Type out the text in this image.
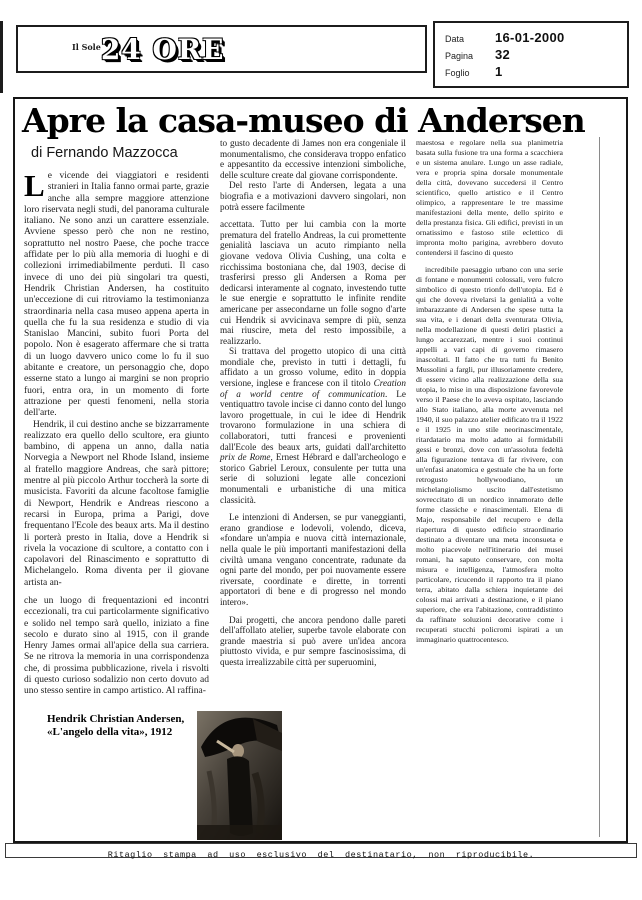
$^{Il Sole}$24 ORE	Data	16-01-2000
Pagina	32
Foglio	1
Apre la casa-museo di Andersen
di Fernando Mazzocca

Le vicende dei viaggiatori e residenti stranieri in Italia fanno ormai parte, grazie anche alla sempre maggiore attenzione loro riservata negli studi, del panorama culturale italiano. Ne sono anzi un carattere essenziale. Avviene spesso però che non ne restino, soprattutto nel nostro Paese, che poche tracce affidate per lo più alla memoria di luoghi e di collezioni irrimediabilmente perduti. Il caso invece di uno dei più singolari tra questi, Hendrik Christian Andersen, ha costituito un'eccezione di cui ritroviamo la testimonianza straordinaria nella casa museo appena aperta in quella che fu la sua residenza e studio di via Stanislao Mancini, subito fuori Porta del popolo. Non è esagerato affermare che si tratta di un luogo davvero unico come lo fu il suo abitante e creatore, un personaggio che, dopo esserne stato a lungo ai margini se non proprio fuori, entra ora, in un momento di forte attrazione per questi fenomeni, nella storia dell'arte.

Hendrik, il cui destino anche se bizzarramente realizzato era quello dello scultore, era giunto bambino, di appena un anno, dalla natia Norvegia a Newport nel Rhode Island, insieme al fratello maggiore Andreas, che sarà pittore; mentre al più piccolo Arthur toccherà la sorte di musicista. Favoriti da alcune facoltose famiglie di Newport, Hendrik e Andreas riescono a recarsi in Europa, prima a Parigi, dove frequentano l'Ecole des beaux arts. Ma il destino li porterà presto in Italia, dove a Hendrik si rivela la vocazione di scultore, a contatto con i capolavori del Rinascimento e soprattutto di Michelangelo. Roma diventa per il giovane artista an-

che un luogo di frequentazioni ed incontri eccezionali, tra cui particolarmente significativo e solido nel tempo sarà quello, iniziato a fine secolo e durato sino al 1915, con il grande Henry James ormai all'apice della sua carriera. Se ne ritrova la memoria in una corrispondenza che, di prossima pubblicazione, rivela i risvolti di questo curioso sodalizio non certo dovuto ad uno stesso sentire in campo artistico. Al raffina-

to gusto decadente di James non era congeniale il monumentalismo, che considerava troppo enfatico e appesantito da eccessive intenzioni simboliche, delle sculture create dal giovane corrispondente.

Del resto l'arte di Andersen, legata a una biografia e a motivazioni davvero singolari, non potrà essere facilmente

accettata. Tutto per lui cambia con la morte prematura del fratello Andreas, la cui promettente genialità lasciava un acuto rimpianto nella giovane vedova Olivia Cushing, una colta e ricchissima bostoniana che, dal 1903, decise di trasferirsi presso gli Andersen a Roma per dedicarsi interamente al cognato, investendo tutte le sue energie e soprattutto le infinite rendite americane per assecondarne un folle sogno d'arte cui Hendrik si avvicinava sempre di più, senza mai riuscire, meta del resto impossibile, a realizzarlo.

Si trattava del progetto utopico di una città mondiale che, previsto in tutti i dettagli, fu affidato a un grosso volume, edito in doppia versione, inglese e francese con il titolo Creation of a world centre of communication. Le ventiquattro tavole incise ci danno conto del lungo lavoro progettuale, in cui le idee di Hendrik trovarono formulazione in una schiera di collaboratori, tutti francesi e provenienti dall'Ecole des beaux arts, guidati dall'architetto prix de Rome, Ernest Hébrard e dall'archeologo e storico Gabriel Leroux, consulente per tutta una serie di soluzioni legate alle concezioni monumentali e urbanistiche di una mitica classicità.

Le intenzioni di Andersen, se pur vaneggianti, erano grandiose e lodevoli, volendo, diceva, «fondare un'ampia e nuova città internazionale, nella quale le più importanti manifestazioni della civiltà umana vengano concentrate, radunate da ogni parte del mondo, per poi nuovamente essere riversate, coordinate e dirette, in torrenti apportatori di bene e di progresso nel mondo intero».

Dai progetti, che ancora pendono dalle pareti dell'affollato atelier, superbe tavole elaborate con grande maestria si può avere un'idea ancora piuttosto vivida, e pur sempre fascinosissima, di questa irrealizzabile città per superuomini,

maestosa e regolare nella sua planimetria basata sulla fusione tra una forma a scacchiera e un sistema anulare. Lungo un asse radiale, vera e propria spina dorsale monumentale della città, dovevano succedersi il Centro scientifico, quello artistico e il Centro olimpico, a rappresentare le tre massime manifestazioni della mente, dello spirito e della prestanza fisica. Gli edifici, previsti in un ornatissimo e fastoso stile eclettico di impronta molto parigina, avrebbero dovuto contendersi il fascino di questo

incredibile paesaggio urbano con una serie di fontane e monumenti colossali, vero fulcro simbolico di questo trionfo dell'utopia. Ed è qui che doveva rivelarsi la genialità a volte imbarazzante di Andersen che spese tutta la sua vita, e i denari della sventurata Olivia, nella modellazione di questi deliri plastici a lungo accarezzati, mentre i suoi continui appelli a vari capi di governo rimasero inascoltati. Il fatto che tra tutti fu Benito Mussolini a fargli, pur illusoriamente credere, di essere vicino alla realizzazione della sua utopia, lo mise in una disposizione favorevole verso il Paese che lo aveva ospitato, lasciando allo Stato italiano, alla morte avvenuta nel 1940, il suo palazzo atelier edificato tra il 1922 e il 1925 in uno stile neorinascimentale, ritardatario ma molto adatto ai formidabili gessi e bronzi, dove con un'assoluta fedeltà alla figurazione tentava di far rivivere, con un'enfasi anatomica e gestuale che ha un forte retrogusto hollywoodiano, un michelangiolismo uscito dall'estetismo sovreccitato di un nordico innamorato delle forme classiche e rinascimentali. Elena di Majo, responsabile del recupero e della riapertura di questo edificio straordinario destinato a diventare una meta inconsueta e molto piacevole nell'itinerario dei musei romani, ha saputo conservare, con molta misura e intelligenza, l'atmosfera molto particolare, ricucendo il rapporto tra il piano terra, abitato dalla schiera inquietante dei colossi mai arrivati a destinazione, e il piano superiore, che era l'abitazione, contraddistinto da raffinate soluzioni decorative come i recuperati stucchi policromi ispirati a un immaginario quattrocentesco.

Hendrik Christian Andersen,
«L'angelo della vita», 1912
Ritaglio stampa ad uso esclusivo del destinatario, non riproducibile.
